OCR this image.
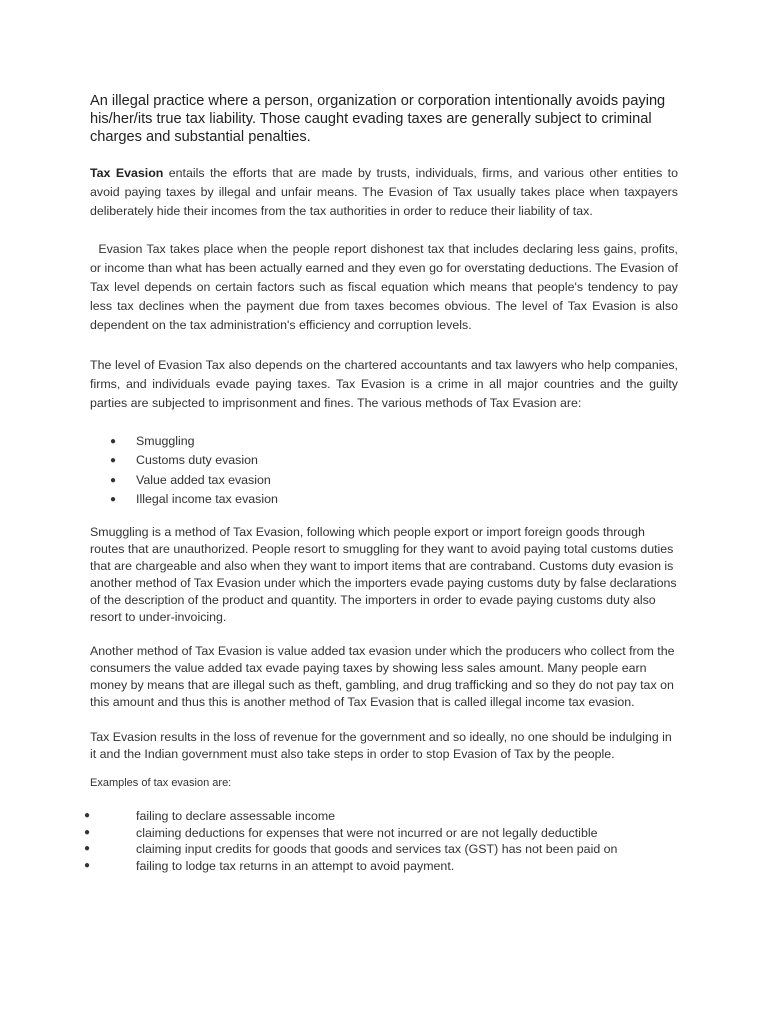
An illegal practice where a person, organization or corporation intentionally avoids paying his/her/its true tax liability. Those caught evading taxes are generally subject to criminal charges and substantial penalties.

Tax Evasion entails the efforts that are made by trusts, individuals, firms, and various other entities to avoid paying taxes by illegal and unfair means. The Evasion of Tax usually takes place when taxpayers deliberately hide their incomes from the tax authorities in order to reduce their liability of tax.

Evasion Tax takes place when the people report dishonest tax that includes declaring less gains, profits, or income than what has been actually earned and they even go for overstating deductions. The Evasion of Tax level depends on certain factors such as fiscal equation which means that people's tendency to pay less tax declines when the payment due from taxes becomes obvious. The level of Tax Evasion is also dependent on the tax administration's efficiency and corruption levels.

The level of Evasion Tax also depends on the chartered accountants and tax lawyers who help companies, firms, and individuals evade paying taxes. Tax Evasion is a crime in all major countries and the guilty parties are subjected to imprisonment and fines. The various methods of Tax Evasion are:

● Smuggling
● Customs duty evasion
● Value added tax evasion
● Illegal income tax evasion

Smuggling is a method of Tax Evasion, following which people export or import foreign goods through routes that are unauthorized. People resort to smuggling for they want to avoid paying total customs duties that are chargeable and also when they want to import items that are contraband. Customs duty evasion is another method of Tax Evasion under which the importers evade paying customs duty by false declarations of the description of the product and quantity. The importers in order to evade paying customs duty also resort to under-invoicing.

Another method of Tax Evasion is value added tax evasion under which the producers who collect from the consumers the value added tax evade paying taxes by showing less sales amount. Many people earn money by means that are illegal such as theft, gambling, and drug trafficking and so they do not pay tax on this amount and thus this is another method of Tax Evasion that is called illegal income tax evasion.

Tax Evasion results in the loss of revenue for the government and so ideally, no one should be indulging in it and the Indian government must also take steps in order to stop Evasion of Tax by the people.

Examples of tax evasion are:
●	failing to declare assessable income
●	claiming deductions for expenses that were not incurred or are not legally deductible
●	claiming input credits for goods that goods and services tax (GST) has not been paid on
●	failing to lodge tax returns in an attempt to avoid payment.
